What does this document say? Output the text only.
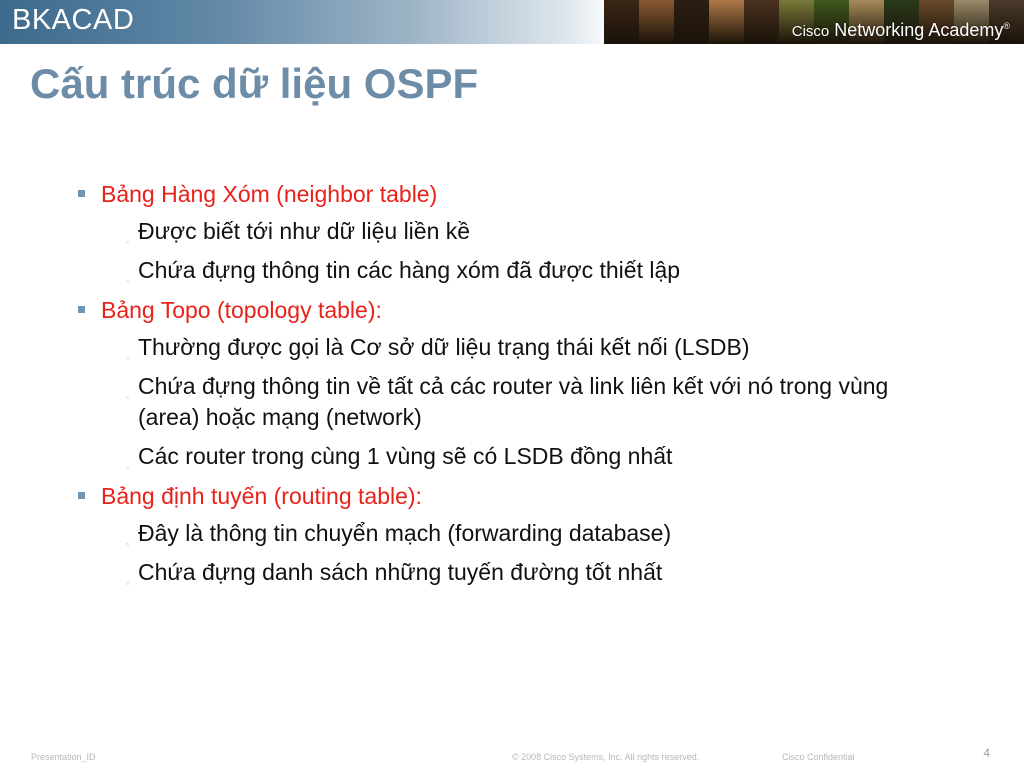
BKACAD	Cisco Networking Academy®
Cấu trúc dữ liệu OSPF
Bảng Hàng Xóm (neighbor table)
▫ Được biết tới như dữ liệu liền kề
▫ Chứa đựng thông tin các hàng xóm đã được thiết lập
Bảng Topo (topology table):
▫ Thường được gọi là Cơ sở dữ liệu trạng thái kết nối (LSDB)
▫ Chứa đựng thông tin về tất cả các router và link liên kết với nó trong vùng (area) hoặc mạng (network)
▫ Các router trong cùng 1 vùng sẽ có LSDB đồng nhất
Bảng định tuyến (routing table):
▫ Đây là thông tin chuyển mạch (forwarding database)
▫ Chứa đựng danh sách những tuyến đường tốt nhất
Presentation_ID	© 2008 Cisco Systems, Inc. All rights reserved.	Cisco Confidential	4
